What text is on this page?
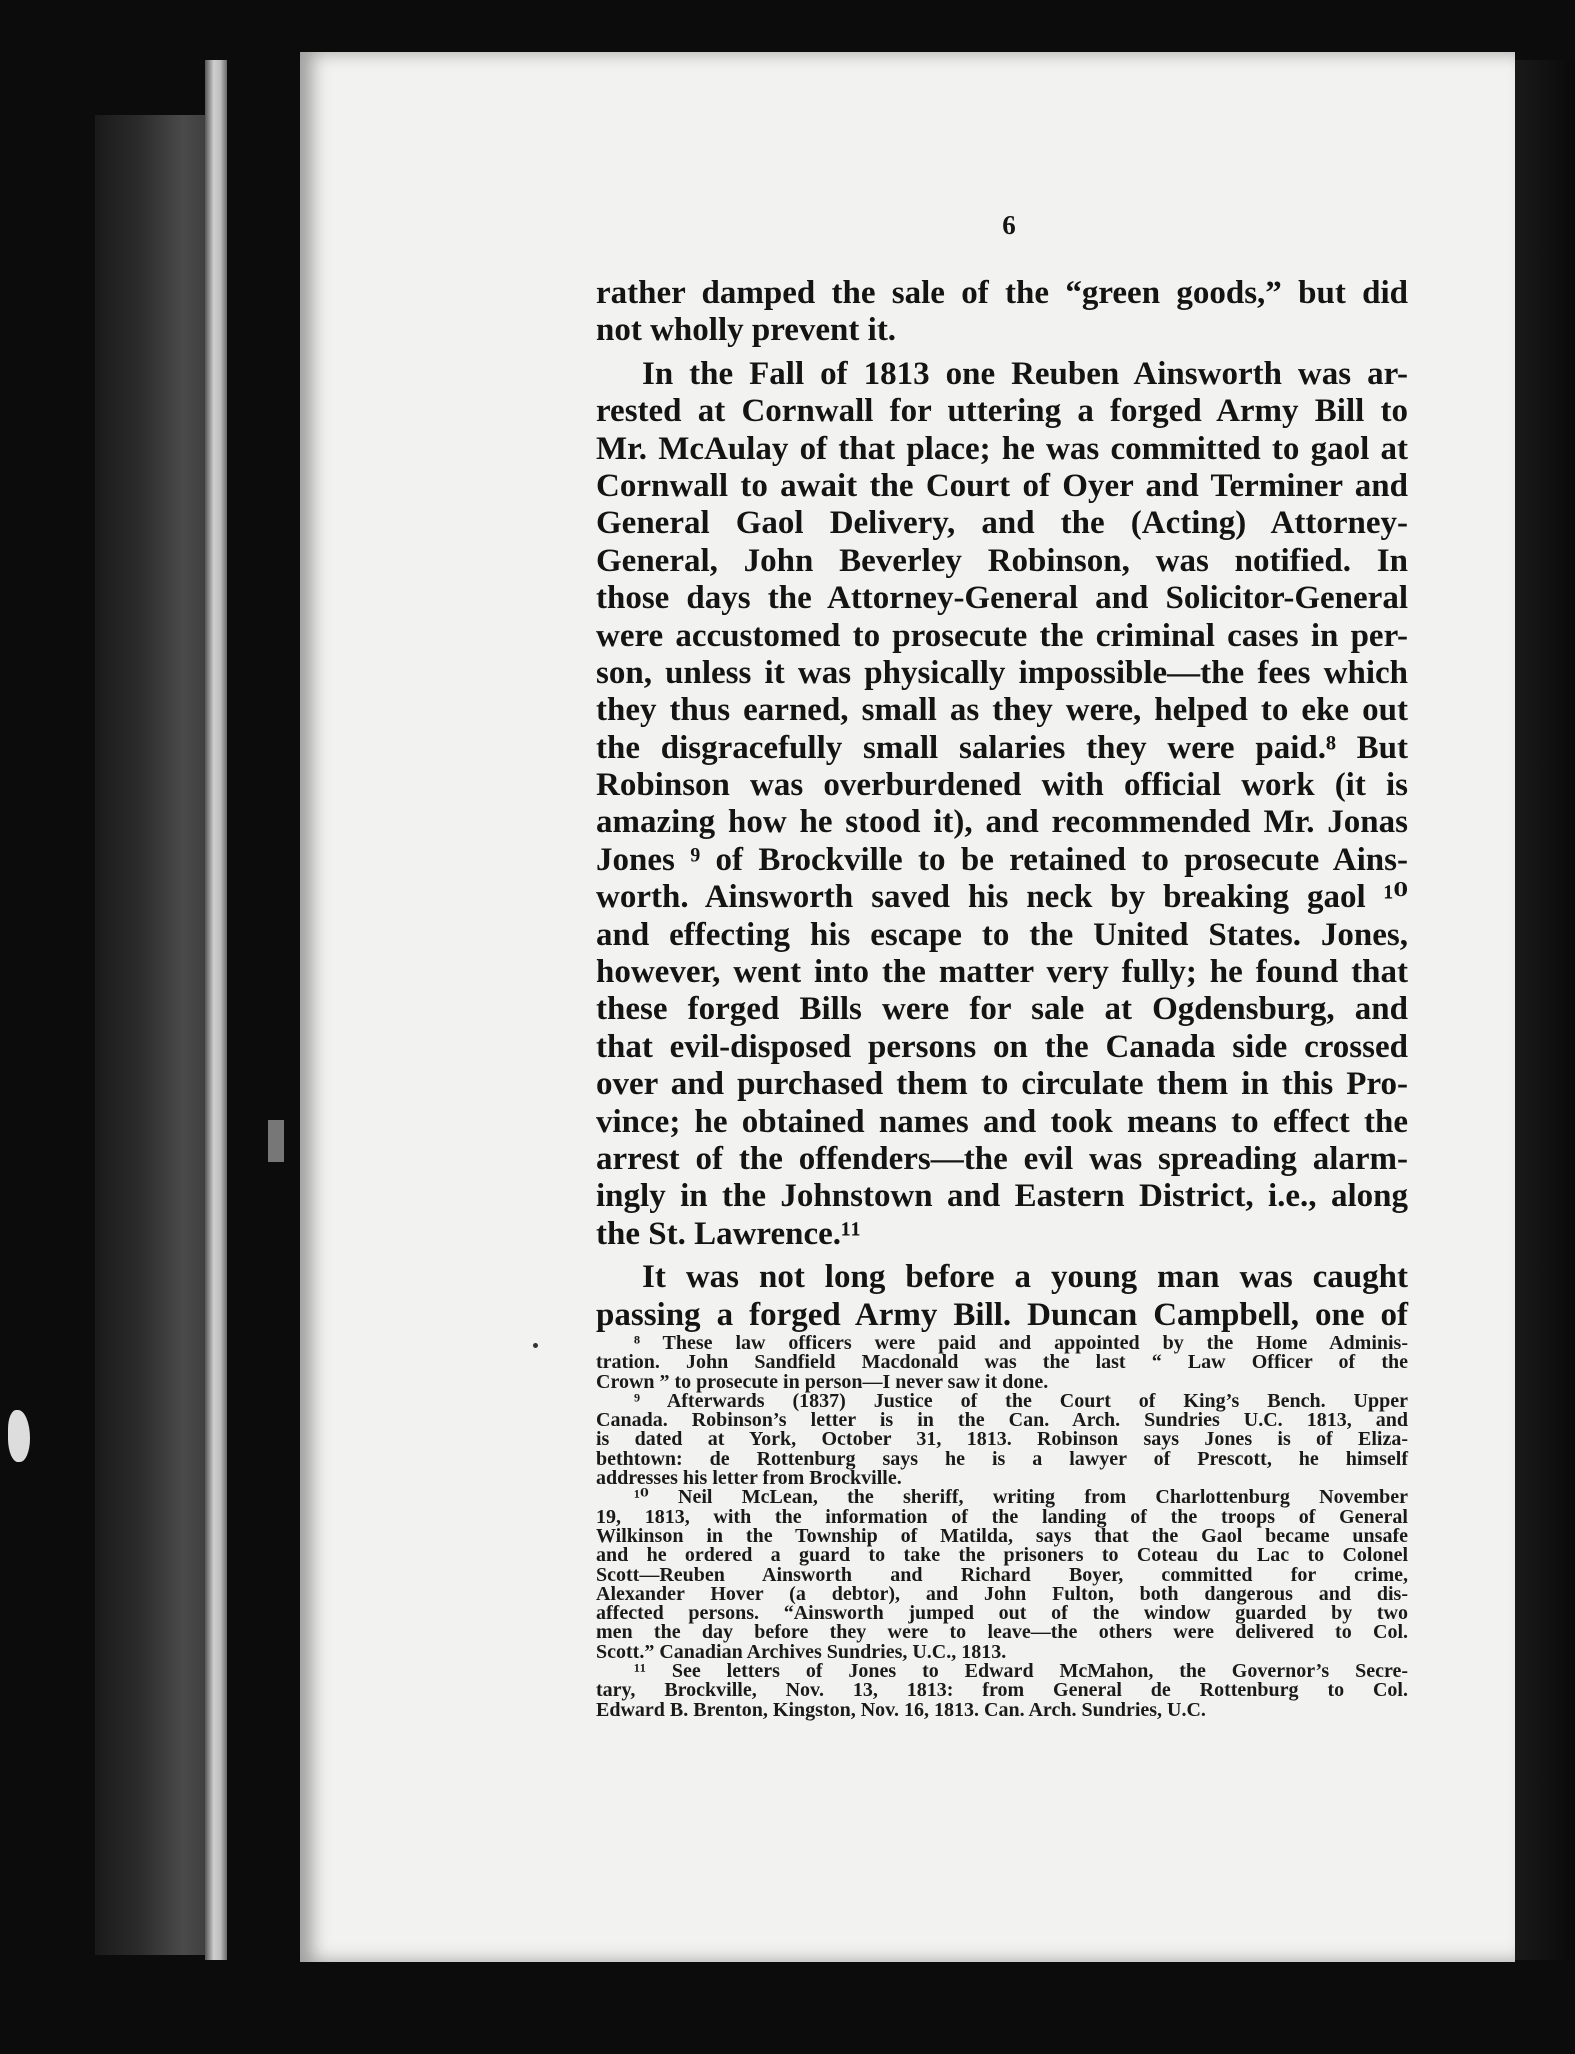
6
rather damped the sale of the “green goods,” but did
not wholly prevent it.
In the Fall of 1813 one Reuben Ainsworth was ar-
rested at Cornwall for uttering a forged Army Bill to
Mr. McAulay of that place; he was committed to gaol at
Cornwall to await the Court of Oyer and Terminer and
General Gaol Delivery, and the (Acting) Attorney-
General, John Beverley Robinson, was notified. In
those days the Attorney-General and Solicitor-General
were accustomed to prosecute the criminal cases in per-
son, unless it was physically impossible—the fees which
they thus earned, small as they were, helped to eke out
the disgracefully small salaries they were paid.⁸ But
Robinson was overburdened with official work (it is
amazing how he stood it), and recommended Mr. Jonas
Jones ⁹ of Brockville to be retained to prosecute Ains-
worth. Ainsworth saved his neck by breaking gaol ¹⁰
and effecting his escape to the United States. Jones,
however, went into the matter very fully; he found that
these forged Bills were for sale at Ogdensburg, and
that evil-disposed persons on the Canada side crossed
over and purchased them to circulate them in this Pro-
vince; he obtained names and took means to effect the
arrest of the offenders—the evil was spreading alarm-
ingly in the Johnstown and Eastern District, i.e., along
the St. Lawrence.¹¹
It was not long before a young man was caught
passing a forged Army Bill. Duncan Campbell, one of
⁸ These law officers were paid and appointed by the Home Adminis-
tration. John Sandfield Macdonald was the last “ Law Officer of the
Crown ” to prosecute in person—I never saw it done.
⁹ Afterwards (1837) Justice of the Court of King’s Bench. Upper
Canada. Robinson’s letter is in the Can. Arch. Sundries U.C. 1813, and
is dated at York, October 31, 1813. Robinson says Jones is of Eliza-
bethtown: de Rottenburg says he is a lawyer of Prescott, he himself
addresses his letter from Brockville.
¹⁰ Neil McLean, the sheriff, writing from Charlottenburg November
19, 1813, with the information of the landing of the troops of General
Wilkinson in the Township of Matilda, says that the Gaol became unsafe
and he ordered a guard to take the prisoners to Coteau du Lac to Colonel
Scott—Reuben Ainsworth and Richard Boyer, committed for crime,
Alexander Hover (a debtor), and John Fulton, both dangerous and dis-
affected persons. “Ainsworth jumped out of the window guarded by two
men the day before they were to leave—the others were delivered to Col.
Scott.” Canadian Archives Sundries, U.C., 1813.
¹¹ See letters of Jones to Edward McMahon, the Governor’s Secre-
tary, Brockville, Nov. 13, 1813: from General de Rottenburg to Col.
Edward B. Brenton, Kingston, Nov. 16, 1813. Can. Arch. Sundries, U.C.
